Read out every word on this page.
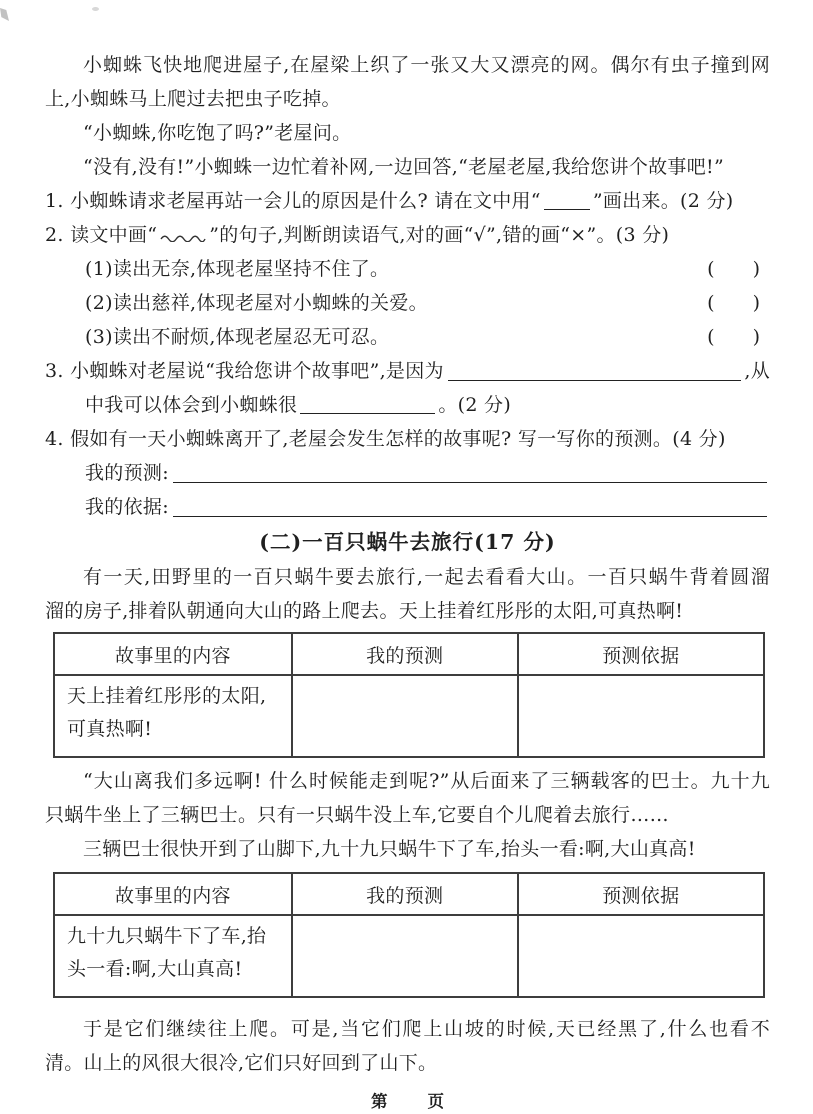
小蜘蛛飞快地爬进屋子,在屋梁上织了一张又大又漂亮的网。偶尔有虫子撞到网
上,小蜘蛛马上爬过去把虫子吃掉。
“小蜘蛛,你吃饱了吗?”老屋问。
“没有,没有!”小蜘蛛一边忙着补网,一边回答,“老屋老屋,我给您讲个故事吧!”
1. 小蜘蛛请求老屋再站一会儿的原因是什么? 请在文中用“	”画出来。(2 分)
2. 读文中画“	”的句子,判断朗读语气,对的画“√”,错的画“×”。(3 分)
(1)读出无奈,体现老屋坚持不住了。	(　　)
(2)读出慈祥,体现老屋对小蜘蛛的关爱。	(　　)
(3)读出不耐烦,体现老屋忍无可忍。	(　　)
3. 小蜘蛛对老屋说“我给您讲个故事吧”,是因为	,从
中我可以体会到小蜘蛛很	。(2 分)
4. 假如有一天小蜘蛛离开了,老屋会发生怎样的故事呢? 写一写你的预测。(4 分)
我的预测:
我的依据:
(二)一百只蜗牛去旅行(17 分)
有一天,田野里的一百只蜗牛要去旅行,一起去看看大山。一百只蜗牛背着圆溜
溜的房子,排着队朝通向大山的路上爬去。天上挂着红彤彤的太阳,可真热啊!
故事里的内容	我的预测	预测依据

天上挂着红彤彤的太阳,
可真热啊!		

“大山离我们多远啊! 什么时候能走到呢?”从后面来了三辆载客的巴士。九十九
只蜗牛坐上了三辆巴士。只有一只蜗牛没上车,它要自个儿爬着去旅行……
三辆巴士很快开到了山脚下,九十九只蜗牛下了车,抬头一看:啊,大山真高!
故事里的内容	我的预测	预测依据

九十九只蜗牛下了车,抬
头一看:啊,大山真高!		

于是它们继续往上爬。可是,当它们爬上山坡的时候,天已经黑了,什么也看不
清。山上的风很大很冷,它们只好回到了山下。
第 页
